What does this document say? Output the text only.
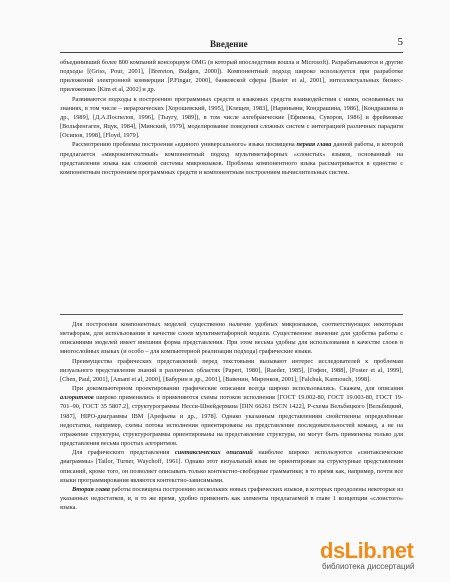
Введение	5

объединивший более 800 компаний консорциум OMG (в который впоследствии вошла и Microsoft). Разрабатываются и другие подходы [(Griss, Pour, 2001], [Brereton, Budgen, 2000]). Компонентный подход широко используется при разработке приложений электронной коммерции [P.Fingar, 2000], банковской сферы [Baster et al, 2001], интеллектуальных бизнес-приложениях [Kim et al, 2002] и др.

Развиваются подходы к построению программных средств и языковых средств взаимодействия с ними, основанных на знаниях, в том числе – иерархических [Хорошевский, 1995], [Клещев, 1983], [Нариньяни, Кондрашина, 1986], [Кондрашина и др., 1989], [Д.А.Поспелов, 1996], [Тыугу, 1989]), в том числе алгебраические [Ефимова, Суворов, 1986] и фреймовые [Вольфенгаген, Яцук, 1984], [Минский, 1979], моделирование поведения сложных систем с интеграцией различных парадигм [Осипов, 1998], [Floyd, 1979].

Рассмотрению проблемы построения «единого универсального» языка посвящена первая глава данной работы, в которой предлагается «микроконтекстный» компонентный подход мультиметафорных «слоистых» языков, основанный на представлении языка как сложной системы микроязыков. Проблема компонентного языка рассматривается в единстве с компонентным построением программных средств и компонентным построением вычислительных систем.

Для построения компонентных моделей существенно наличие удобных микроязыков, соответствующих некоторым метафорам, для использования в качестве слоев мультиметафорной модели. Существенное значение для удобства работы с описаниями моделей имеет внешняя форма представления. При этом весьма удобны для использования в качестве слоев в многослойных языках (и особо – для компьютерной реализации подхода) графические языки.

Преимущества графических представлений перед текстовыми вызывают интерес исследователей к проблемам визуального представления знаний в различных областях [Papert, 1980], [Raeder, 1985], [Гофен, 1988], [Foster et al, 1999], [Chen, Paul, 2001], [Amant et al, 2000], [Бабурин и др., 2001], [Вавенин, Миренков, 2001], [Falchuk, Karmouch, 1998].

При докомпьютерном проектировании графические описания всегда широко использовались. Скажем, для описания алгоритмов широко применялись и применяются схемы потоков исполнения [ГОСТ 19.002-80, ГОСТ 19.003-80, ГОСТ 19-701–90, ГОСТ 35 5807.2], структурограммы Несси-Шнейдермана [DIN 66261 ISCN 1422], Р-схема Вельбицкого [Вельбицкий, 1987], HIPO-диаграммы IBM [Арефьева и др., 1978]. Однако указанным представлениям свойственны определённые недостатки, например, схемы потока исполнения ориентированы на представление последовательностей команд, а не на отражение структуры, структурограммы ориентированы на представление структуры, но могут быть применены только для представления весьма простых алгоритмов.

Для графического представления синтаксических описаний наиболее широко используются «синтаксические диаграммы» [Tailor, Turner, Waychoff, 1961]. Однако этот визуальный язык не ориентирован на структурные представления описаний, кроме того, он позволяет описывать только контекстно-свободные грамматики; в то время как, например, почти все языки программирования являются контекстно-зависимыми.

Вторая глава работы посвящена построению нескольких новых графических языков, в которых преодолены некоторые из указанных недостатков, и, в то же время, удобно применять как элементы предлагаемой в главе 1 концепции «слоистого» языка.

dsLib.net
библиотека диссертаций
